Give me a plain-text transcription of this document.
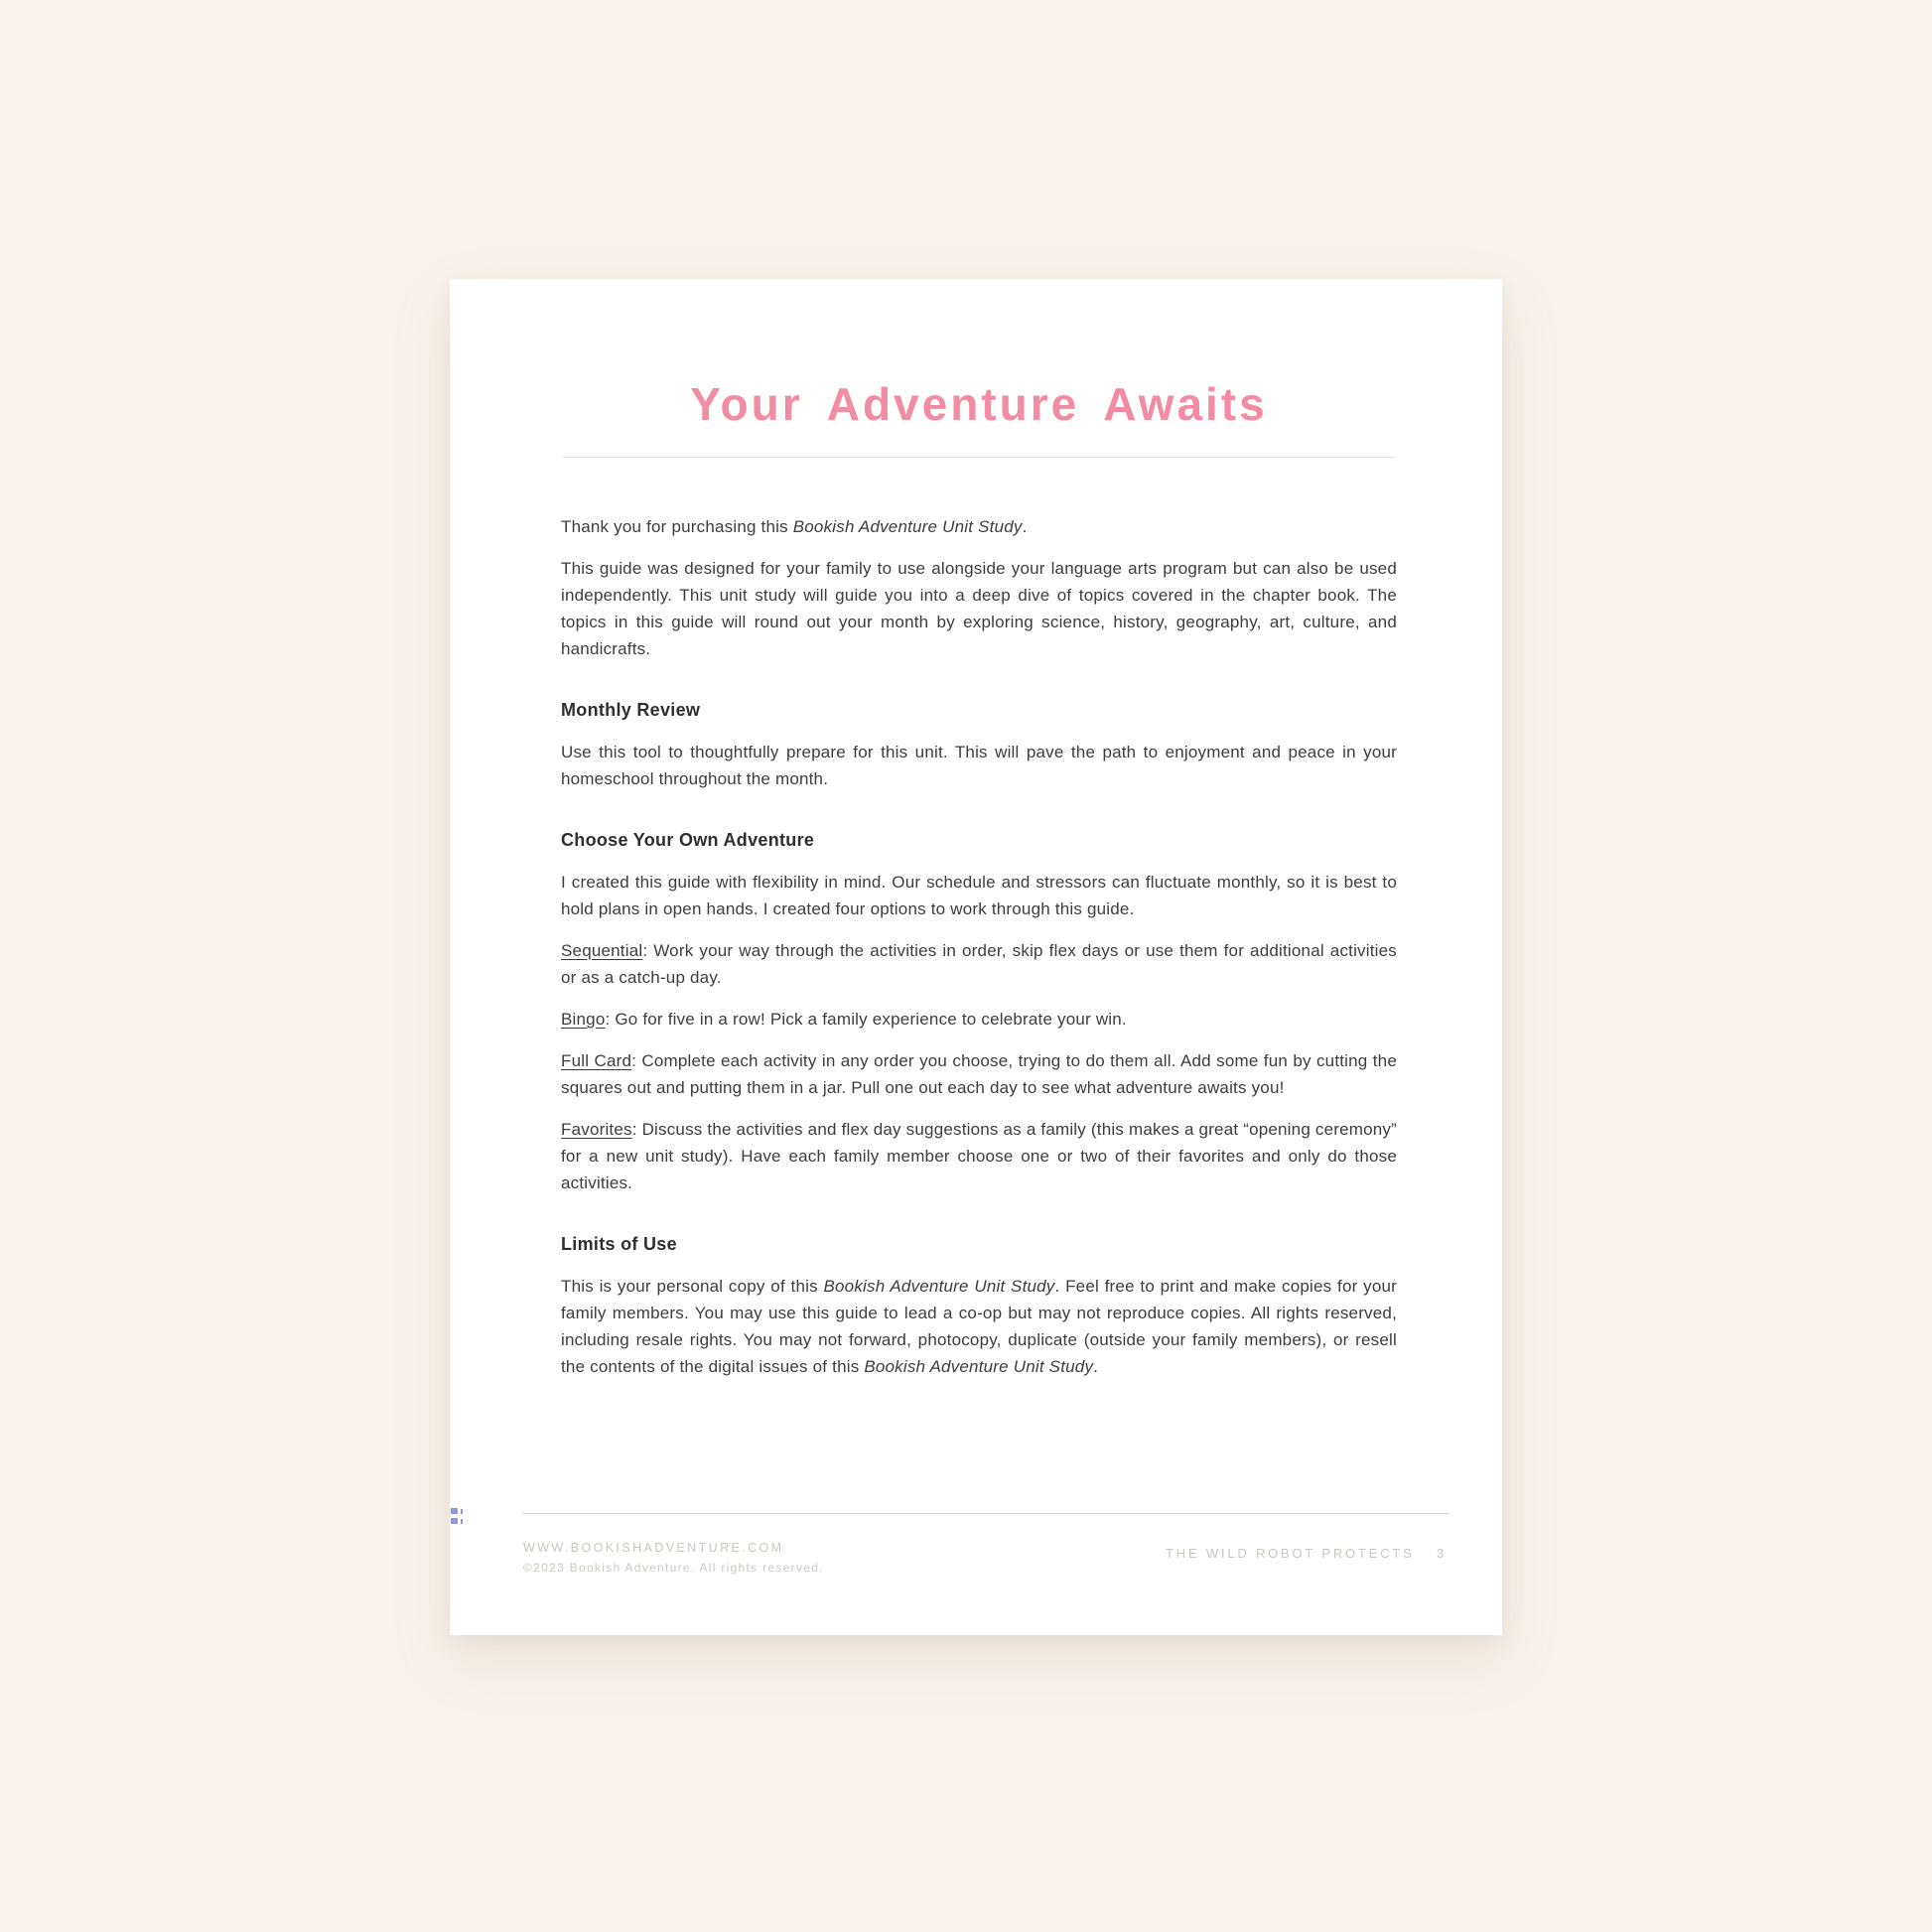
Your Adventure Awaits

Thank you for purchasing this Bookish Adventure Unit Study.

This guide was designed for your family to use alongside your language arts program but can also be used independently. This unit study will guide you into a deep dive of topics covered in the chapter book. The topics in this guide will round out your month by exploring science, history, geography, art, culture, and handicrafts.

Monthly Review

Use this tool to thoughtfully prepare for this unit. This will pave the path to enjoyment and peace in your homeschool throughout the month.

Choose Your Own Adventure

I created this guide with flexibility in mind. Our schedule and stressors can fluctuate monthly, so it is best to hold plans in open hands. I created four options to work through this guide.

Sequential: Work your way through the activities in order, skip flex days or use them for additional activities or as a catch-up day.

Bingo: Go for five in a row! Pick a family experience to celebrate your win.

Full Card: Complete each activity in any order you choose, trying to do them all. Add some fun by cutting the squares out and putting them in a jar. Pull one out each day to see what adventure awaits you!

Favorites: Discuss the activities and flex day suggestions as a family (this makes a great “opening ceremony” for a new unit study). Have each family member choose one or two of their favorites and only do those activities.

Limits of Use

This is your personal copy of this Bookish Adventure Unit Study. Feel free to print and make copies for your family members. You may use this guide to lead a co-op but may not reproduce copies. All rights reserved, including resale rights. You may not forward, photocopy, duplicate (outside your family members), or resell the contents of the digital issues of this Bookish Adventure Unit Study.

WWW.BOOKISHADVENTURE.COM
©2023 Bookish Adventure. All rights reserved.
THE WILD ROBOT PROTECTS 3
